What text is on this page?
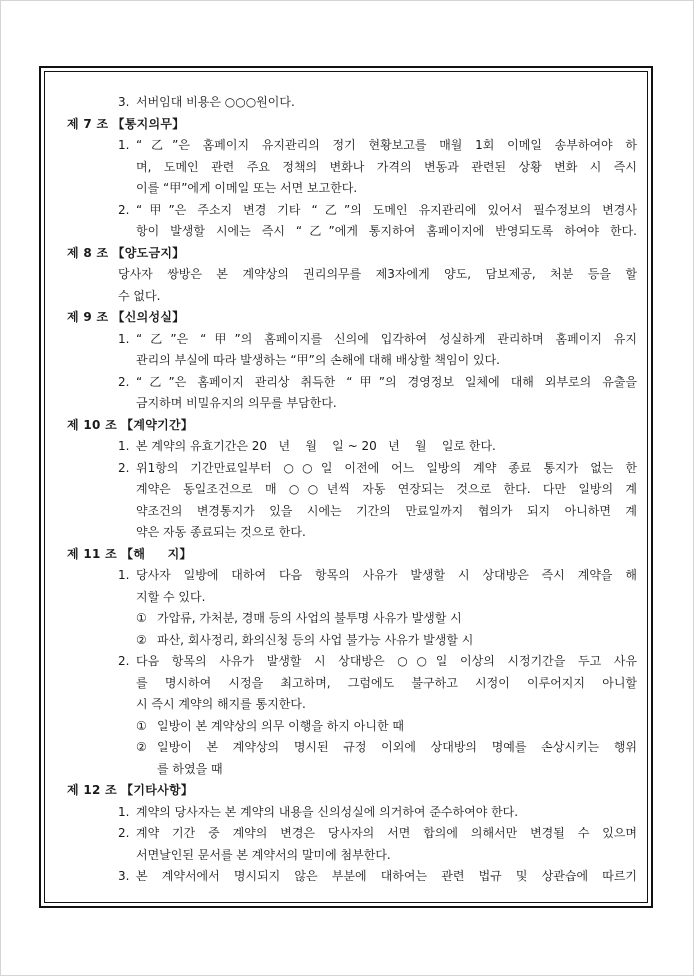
3. 서버임대 비용은 ○○○원이다.
제 7 조 【통지의무】
1. “乙”은 홈페이지 유지관리의 정기 현황보고를 매월 1회 이메일 송부하여야 하
며, 도메인 관련 주요 정책의 변화나 가격의 변동과 관련된 상황 변화 시 즉시
이를 “甲”에게 이메일 또는 서면 보고한다.
2. “甲”은 주소지 변경 기타 “乙”의 도메인 유지관리에 있어서 필수정보의 변경사
항이 발생할 시에는 즉시 “乙”에게 통지하여 홈페이지에 반영되도록 하여야 한다.
제 8 조 【양도금지】
당사자 쌍방은 본 계약상의 권리의무를 제3자에게 양도, 담보제공, 처분 등을 할
수 없다.
제 9 조 【신의성실】
1. “乙”은 “甲”의 홈페이지를 신의에 입각하여 성실하게 관리하며 홈페이지 유지
관리의 부실에 따라 발생하는 “甲”의 손해에 대해 배상할 책임이 있다.
2. “乙”은 홈페이지 관리상 취득한 “甲”의 경영정보 일체에 대해 외부로의 유출을
금지하며 비밀유지의 의무를 부담한다.
제 10 조 【계약기간】
1. 본 계약의 유효기간은 20   년    월    일 ~ 20   년    월    일로 한다.
2. 위1항의 기간만료일부터 ○○일 이전에 어느 일방의 계약 종료 통지가 없는 한
계약은 동일조건으로 매 ○○년씩 자동 연장되는 것으로 한다. 다만 일방의 계
약조건의 변경통지가 있을 시에는 기간의 만료일까지 협의가 되지 아니하면 계
약은 자동 종료되는 것으로 한다.
제 11 조 【해     지】
1. 당사자 일방에 대하여 다음 항목의 사유가 발생할 시 상대방은 즉시 계약을 해
지할 수 있다.
① 가압류, 가처분, 경매 등의 사업의 불투명 사유가 발생할 시
② 파산, 회사정리, 화의신청 등의 사업 불가능 사유가 발생할 시
2. 다음 항목의 사유가 발생할 시 상대방은 ○○일 이상의 시정기간을 두고 사유
를 명시하여 시정을 최고하며, 그럼에도 불구하고 시정이 이루어지지 아니할
시 즉시 계약의 해지를 통지한다.
① 일방이 본 계약상의 의무 이행을 하지 아니한 때
② 일방이 본 계약상의 명시된 규정 이외에 상대방의 명예를 손상시키는 행위
를 하였을 때
제 12 조 【기타사항】
1. 계약의 당사자는 본 계약의 내용을 신의성실에 의거하여 준수하여야 한다.
2. 계약 기간 중 계약의 변경은 당사자의 서면 합의에 의해서만 변경될 수 있으며
서면날인된 문서를 본 계약서의 말미에 첨부한다.
3. 본 계약서에서 명시되지 않은 부분에 대하여는 관련 법규 및 상관습에 따르기
